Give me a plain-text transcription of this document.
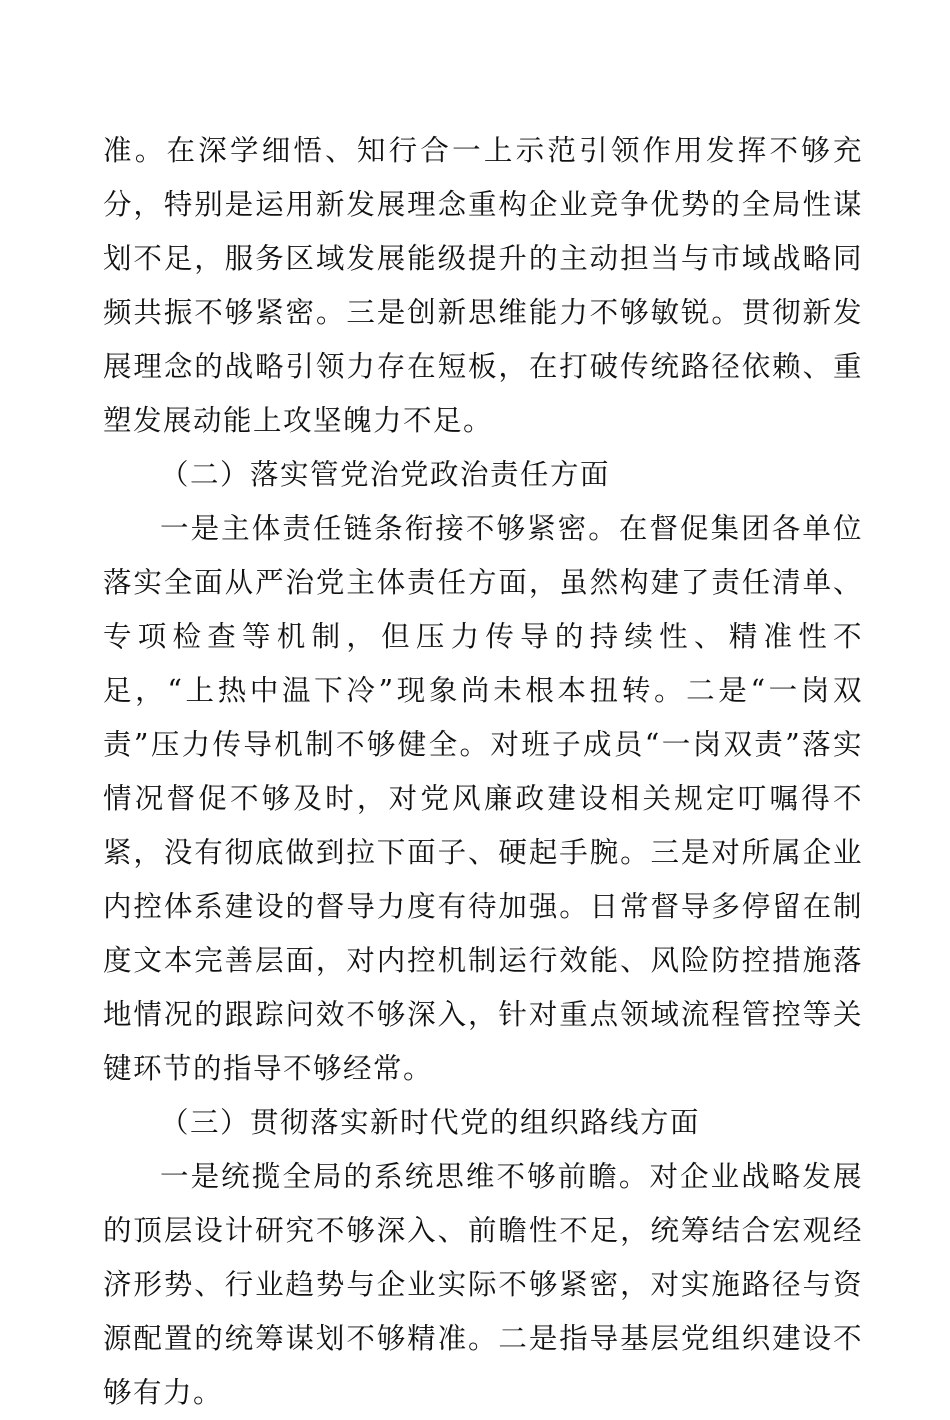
准。在深学细悟、知行合一上示范引领作用发挥不够充分，特别是运用新发展理念重构企业竞争优势的全局性谋划不足，服务区域发展能级提升的主动担当与市域战略同频共振不够紧密。三是创新思维能力不够敏锐。贯彻新发展理念的战略引领力存在短板，在打破传统路径依赖、重塑发展动能上攻坚魄力不足。

（二）落实管党治党政治责任方面

一是主体责任链条衔接不够紧密。在督促集团各单位落实全面从严治党主体责任方面，虽然构建了责任清单、专项检查等机制，但压力传导的持续性、精准性不足，“上热中温下冷”现象尚未根本扭转。二是“一岗双责”压力传导机制不够健全。对班子成员“一岗双责”落实情况督促不够及时，对党风廉政建设相关规定叮嘱得不紧，没有彻底做到拉下面子、硬起手腕。三是对所属企业内控体系建设的督导力度有待加强。日常督导多停留在制度文本完善层面，对内控机制运行效能、风险防控措施落地情况的跟踪问效不够深入，针对重点领域流程管控等关键环节的指导不够经常。

（三）贯彻落实新时代党的组织路线方面

一是统揽全局的系统思维不够前瞻。对企业战略发展的顶层设计研究不够深入、前瞻性不足，统筹结合宏观经济形势、行业趋势与企业实际不够紧密，对实施路径与资源配置的统筹谋划不够精准。二是指导基层党组织建设不够有力。
